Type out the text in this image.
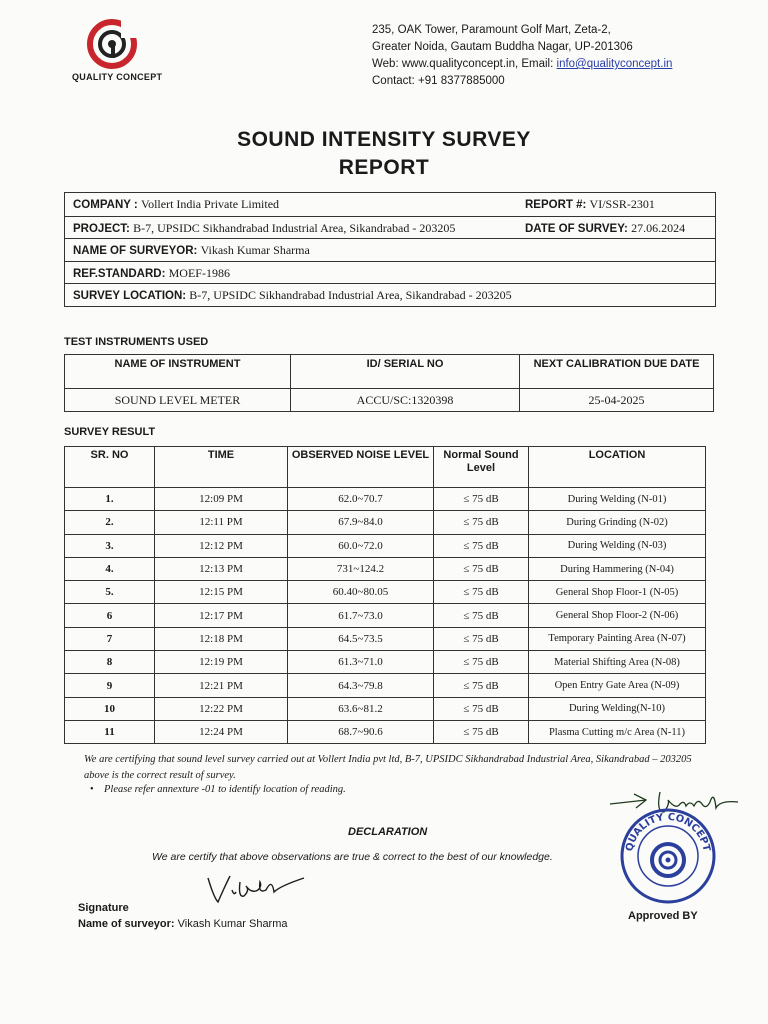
QUALITY CONCEPT
235, OAK Tower, Paramount Golf Mart, Zeta-2,
Greater Noida, Gautam Buddha Nagar, UP-201306
Web: www.qualityconcept.in, Email: info@qualityconcept.in
Contact: +91 8377885000
SOUND INTENSITY SURVEY
REPORT
COMPANY : Vollert India Private Limited	REPORT #: VI/SSR-2301
PROJECT: B-7, UPSIDC Sikhandrabad Industrial Area, Sikandrabad - 203205	DATE OF SURVEY: 27.06.2024
NAME OF SURVEYOR: Vikash Kumar Sharma
REF.STANDARD: MOEF-1986
SURVEY LOCATION: B-7, UPSIDC Sikhandrabad Industrial Area, Sikandrabad - 203205
TEST INSTRUMENTS USED
NAME OF INSTRUMENT	ID/ SERIAL NO	NEXT CALIBRATION DUE DATE
SOUND LEVEL METER	ACCU/SC:1320398	25-04-2025
SURVEY RESULT
SR. NO	TIME	OBSERVED NOISE LEVEL	Normal Sound Level	LOCATION
1.	12:09 PM	62.0~70.7	≤ 75 dB	During Welding (N-01)
2.	12:11 PM	67.9~84.0	≤ 75 dB	During Grinding (N-02)
3.	12:12 PM	60.0~72.0	≤ 75 dB	During Welding (N-03)
4.	12:13 PM	731~124.2	≤ 75 dB	During Hammering (N-04)
5.	12:15 PM	60.40~80.05	≤ 75 dB	General Shop Floor-1 (N-05)
6	12:17 PM	61.7~73.0	≤ 75 dB	General Shop Floor-2 (N-06)
7	12:18 PM	64.5~73.5	≤ 75 dB	Temporary Painting Area (N-07)
8	12:19 PM	61.3~71.0	≤ 75 dB	Material Shifting Area (N-08)
9	12:21 PM	64.3~79.8	≤ 75 dB	Open Entry Gate Area (N-09)
10	12:22 PM	63.6~81.2	≤ 75 dB	During Welding(N-10)
11	12:24 PM	68.7~90.6	≤ 75 dB	Plasma Cutting m/c Area (N-11)
We are certifying that sound level survey carried out at Vollert India pvt ltd, B-7, UPSIDC Sikhandrabad Industrial Area, Sikandrabad – 203205 above is the correct result of survey.
• Please refer annexture -01 to identify location of reading.
DECLARATION
We are certify that above observations are true & correct to the best of our knowledge.
Signature
Name of surveyor: Vikash Kumar Sharma
QUALITY CONCEPT
Approved BY
